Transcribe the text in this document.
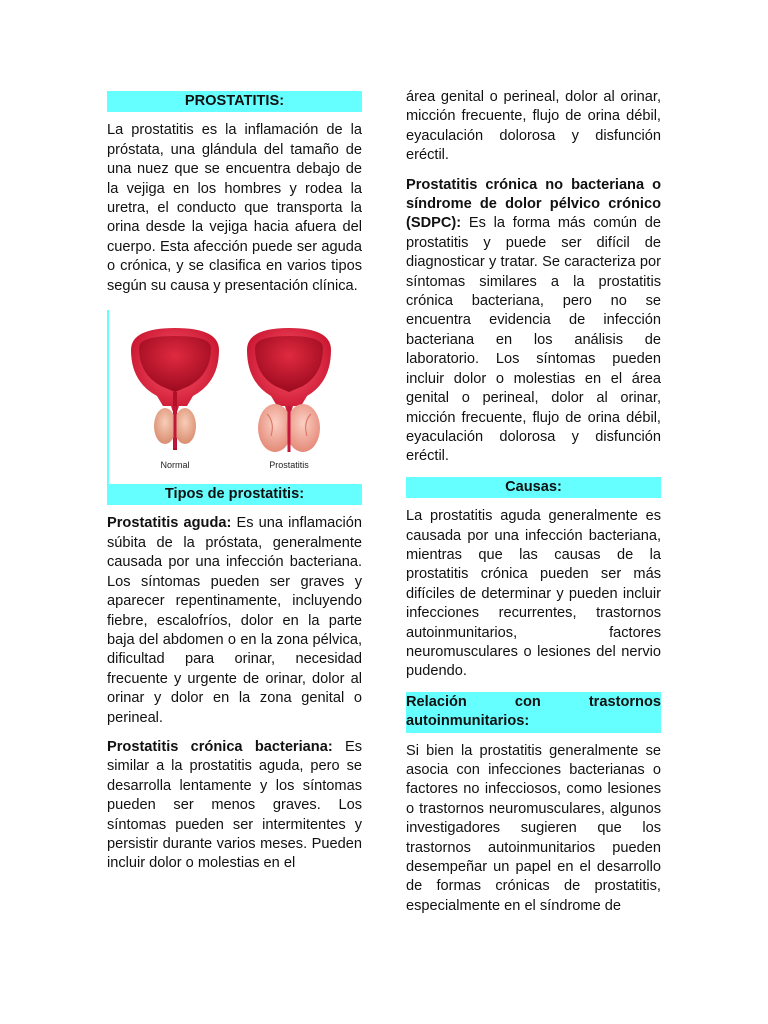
PROSTATITIS:

La prostatitis es la inflamación de la próstata, una glándula del tamaño de una nuez que se encuentra debajo de la vejiga en los hombres y rodea la uretra, el conducto que transporta la orina desde la vejiga hacia afuera del cuerpo. Esta afección puede ser aguda o crónica, y se clasifica en varios tipos según su causa y presentación clínica.

Normal	Prostatitis
Tipos de prostatitis:

Prostatitis aguda: Es una inflamación súbita de la próstata, generalmente causada por una infección bacteriana. Los síntomas pueden ser graves y aparecer repentinamente, incluyendo fiebre, escalofríos, dolor en la parte baja del abdomen o en la zona pélvica, dificultad para orinar, necesidad frecuente y urgente de orinar, dolor al orinar y dolor en la zona genital o perineal.

Prostatitis crónica bacteriana: Es similar a la prostatitis aguda, pero se desarrolla lentamente y los síntomas pueden ser menos graves. Los síntomas pueden ser intermitentes y persistir durante varios meses. Pueden incluir dolor o molestias en el

área genital o perineal, dolor al orinar, micción frecuente, flujo de orina débil, eyaculación dolorosa y disfunción eréctil.

Prostatitis crónica no bacteriana o síndrome de dolor pélvico crónico (SDPC): Es la forma más común de prostatitis y puede ser difícil de diagnosticar y tratar. Se caracteriza por síntomas similares a la prostatitis crónica bacteriana, pero no se encuentra evidencia de infección bacteriana en los análisis de laboratorio. Los síntomas pueden incluir dolor o molestias en el área genital o perineal, dolor al orinar, micción frecuente, flujo de orina débil, eyaculación dolorosa y disfunción eréctil.

Causas:

La prostatitis aguda generalmente es causada por una infección bacteriana, mientras que las causas de la prostatitis crónica pueden ser más difíciles de determinar y pueden incluir infecciones recurrentes, trastornos autoinmunitarios, factores neuromusculares o lesiones del nervio pudendo.

Relación con trastornos autoinmunitarios:

Si bien la prostatitis generalmente se asocia con infecciones bacterianas o factores no infecciosos, como lesiones o trastornos neuromusculares, algunos investigadores sugieren que los trastornos autoinmunitarios pueden desempeñar un papel en el desarrollo de formas crónicas de prostatitis, especialmente en el síndrome de
